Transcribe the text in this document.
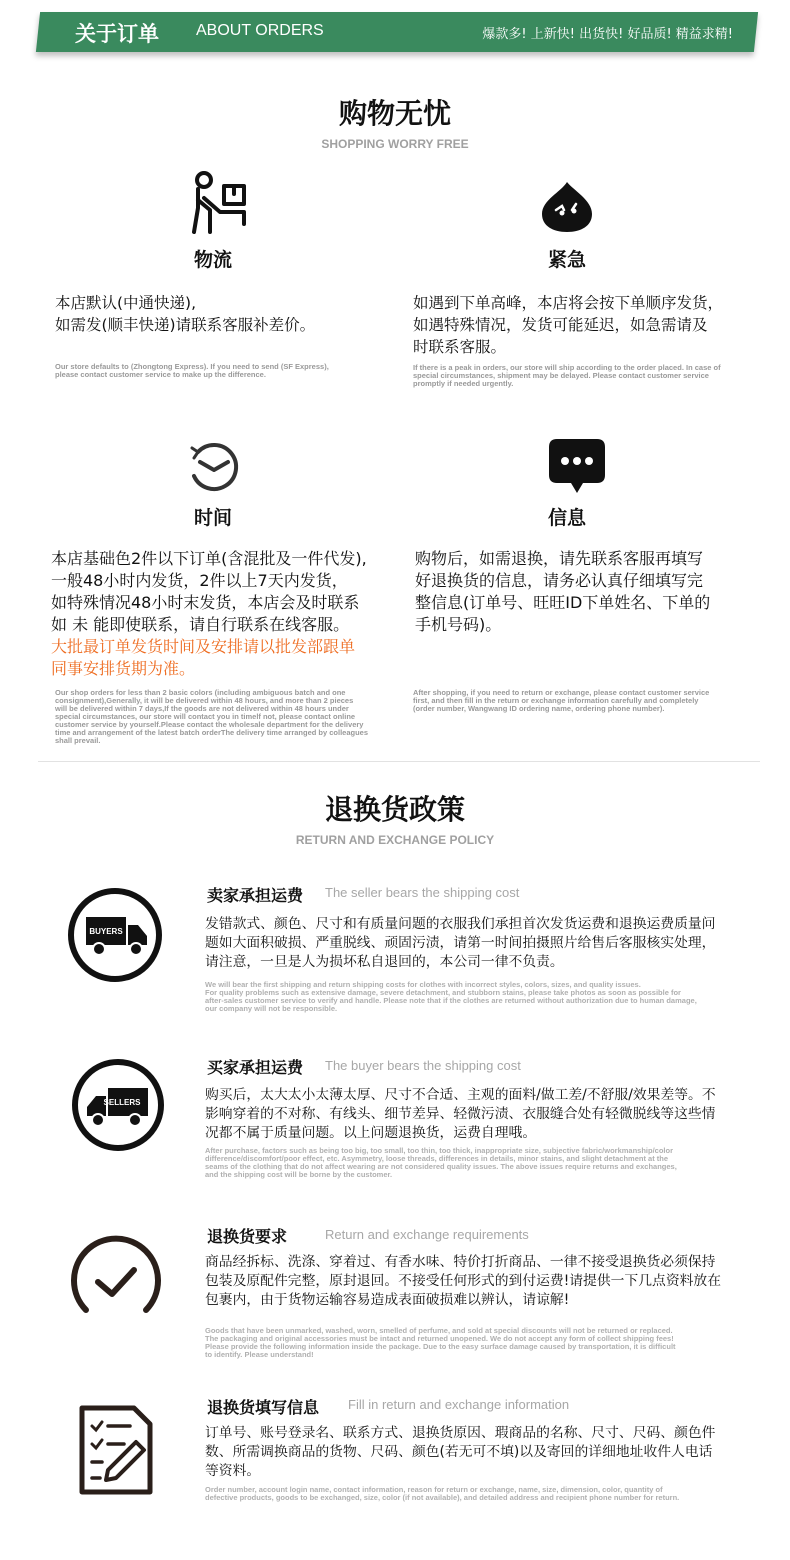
关于订单 ABOUT ORDERS	爆款多! 上新快! 出货快! 好品质! 精益求精!
购物无忧
SHOPPING WORRY FREE
物流
本店默认(中通快递),
如需发(顺丰快递)请联系客服补差价。
Our store defaults to (Zhongtong Express). If you need to send (SF Express),
please contact customer service to make up the difference.
紧急
如遇到下单高峰，本店将会按下单顺序发货，
如遇特殊情况，发货可能延迟，如急需请及
时联系客服。
If there is a peak in orders, our store will ship according to the order placed. In case of
special circumstances, shipment may be delayed. Please contact customer service
promptly if needed urgently.
时间
本店基础色2件以下订单(含混批及一件代发),
一般48小时内发货，2件以上7天内发货，
如特殊情况48小时末发货，本店会及时联系
如 未 能即使联系，请自行联系在线客服。
大批最订单发货时间及安排请以批发部跟单
同事安排货期为准。
Our shop orders for less than 2 basic colors (including ambiguous batch and one
consignment),Generally, it will be delivered within 48 hours, and more than 2 pieces
will be delivered within 7 days,If the goods are not delivered within 48 hours under
special circumstances, our store will contact you in timelf not, please contact online
customer service by yourself.Please contact the wholesale department for the delivery
time and arrangement of the latest batch orderThe delivery time arranged by colleagues
shall prevail.
信息
购物后，如需退换，请先联系客服再填写
好退换货的信息，请务必认真仔细填写完
整信息(订单号、旺旺ID下单姓名、下单的
手机号码)。
After shopping, if you need to return or exchange, please contact customer service
first, and then fill in the return or exchange information carefully and completely
(order number, Wangwang ID ordering name, ordering phone number).
退换货政策
RETURN AND EXCHANGE POLICY
BUYERS
卖家承担运费 The seller bears the shipping cost
发错款式、颜色、尺寸和有质量问题的衣服我们承担首次发货运费和退换运费质量问
题如大面积破损、严重脱线、顽固污渍，请第一时间拍摄照片给售后客服核实处理，
请注意，一旦是人为损坏私自退回的，本公司一律不负责。
We will bear the first shipping and return shipping costs for clothes with incorrect styles, colors, sizes, and quality issues.
For quality problems such as extensive damage, severe detachment, and stubborn stains, please take photos as soon as possible for
after-sales customer service to verify and handle. Please note that if the clothes are returned without authorization due to human damage,
our company will not be responsible.
SELLERS
买家承担运费 The buyer bears the shipping cost
购买后，太大太小太薄太厚、尺寸不合适、主观的面料/做工差/不舒服/效果差等。不
影响穿着的不对称、有线头、细节差异、轻微污渍、衣服缝合处有轻微脱线等这些情
况都不属于质量问题。以上问题退换货，运费自理哦。
After purchase, factors such as being too big, too small, too thin, too thick, inappropriate size, subjective fabric/workmanship/color
difference/discomfort/poor effect, etc. Asymmetry, loose threads, differences in details, minor stains, and slight detachment at the
seams of the clothing that do not affect wearing are not considered quality issues. The above issues require returns and exchanges,
and the shipping cost will be borne by the customer.
退换货要求	Return and exchange requirements
商品经拆标、洗涤、穿着过、有香水味、特价打折商品、一律不接受退换货必须保持
包装及原配件完整，原封退回。不接受任何形式的到付运费!请提供一下几点资料放在
包裹内，由于货物运输容易造成表面破损难以辨认，请谅解!
Goods that have been unmarked, washed, worn, smelled of perfume, and sold at special discounts will not be returned or replaced.
The packaging and original accessories must be intact and returned unopened. We do not accept any form of collect shipping fees!
Please provide the following information inside the package. Due to the easy surface damage caused by transportation, it is difficult
to identify. Please understand!
退换货填写信息 Fill in return and exchange information
订单号、账号登录名、联系方式、退换货原因、瑕商品的名称、尺寸、尺码、颜色件
数、所需调换商品的货物、尺码、颜色(若无可不填)以及寄回的详细地址收件人电话
等资料。
Order number, account login name, contact information, reason for return or exchange, name, size, dimension, color, quantity of
defective products, goods to be exchanged, size, color (if not available), and detailed address and recipient phone number for return.
